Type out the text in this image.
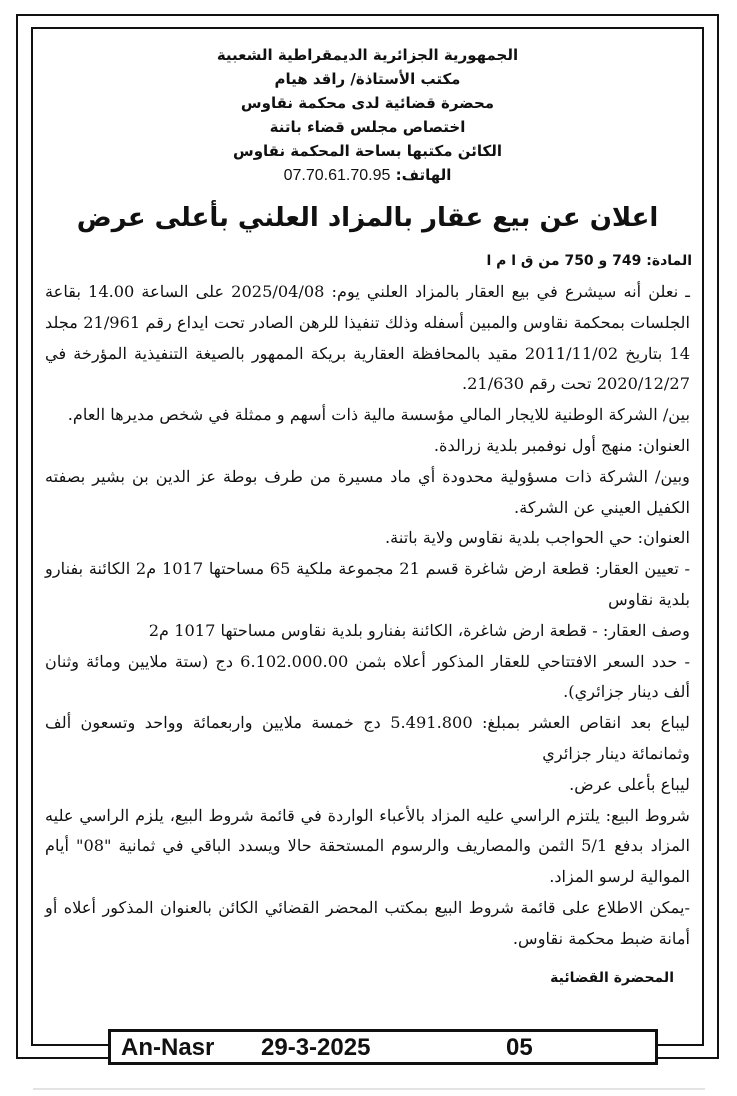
الجمهورية الجزائرية الديمقراطية الشعبية
مكتب الأستاذة/ راقد هيام
محضرة قضائية لدى محكمة نقاوس
اختصاص مجلس قضاء باتنة
الكائن مكتبها بساحة المحكمة نقاوس
الهاتف: 07.70.61.70.95
اعلان عن بيع عقار بالمزاد العلني بأعلى عرض
المادة: 749 و 750 من ق ا م ا

ـ نعلن أنه سيشرع في بيع العقار بالمزاد العلني يوم: 2025/04/08 على الساعة 14.00 بقاعة الجلسات بمحكمة نقاوس والمبين أسفله وذلك تنفيذا للرهن الصادر تحت ايداع رقم 21/961 مجلد 14 بتاريخ 2011/11/02 مقيد بالمحافظة العقارية بريكة الممهور بالصيغة التنفيذية المؤرخة في 2020/12/27 تحت رقم 21/630.

بين/ الشركة الوطنية للايجار المالي مؤسسة مالية ذات أسهم و ممثلة في شخص مديرها العام.

العنوان: منهج أول نوفمبر بلدية زرالدة.

وبين/ الشركة ذات مسؤولية محدودة أي ماد مسيرة من طرف بوطة عز الدين بن بشير بصفته الكفيل العيني عن الشركة.

العنوان: حي الحواجب بلدية نقاوس ولاية باتنة.

- تعيين العقار: قطعة ارض شاغرة قسم 21 مجموعة ملكية 65 مساحتها 1017 م2 الكائنة بفنارو بلدية نقاوس

وصف العقار: - قطعة ارض شاغرة، الكائنة بفنارو بلدية نقاوس مساحتها 1017 م2

- حدد السعر الافتتاحي للعقار المذكور أعلاه بثمن 6.102.000.00 دج (ستة ملايين ومائة وثنان ألف دينار جزائري).

ليباع بعد انقاص العشر بمبلغ: 5.491.800 دج خمسة ملايين واربعمائة وواحد وتسعون ألف وثمانمائة دينار جزائري

ليباع بأعلى عرض.

شروط البيع: يلتزم الراسي عليه المزاد بالأعباء الواردة في قائمة شروط البيع، يلزم الراسي عليه المزاد بدفع 5/1 الثمن والمصاريف والرسوم المستحقة حالا ويسدد الباقي في ثمانية "08" أيام الموالية لرسو المزاد.

-يمكن الاطلاع على قائمة شروط البيع بمكتب المحضر القضائي الكائن بالعنوان المذكور أعلاه أو أمانة ضبط محكمة نقاوس.

المحضرة القضائية
An-Nasr 29-3-2025	05
